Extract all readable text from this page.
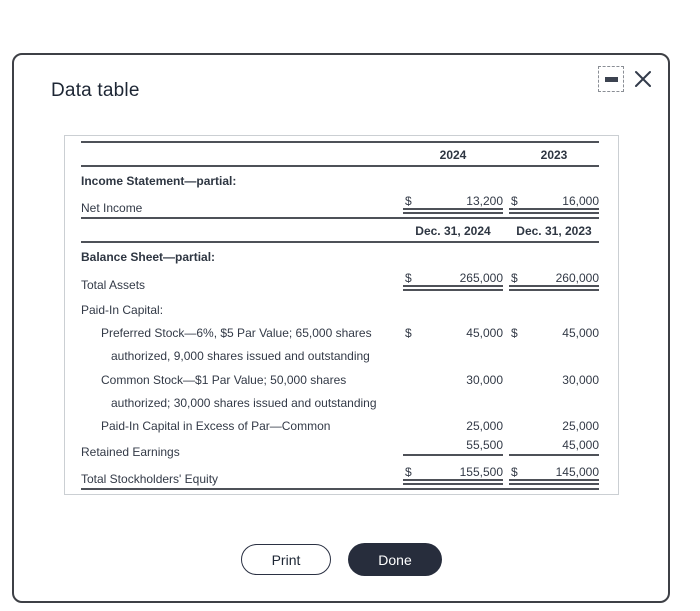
Data table
2024	2023
Income Statement—partial:
Net Income	$	13,200 $	16,000
Dec. 31, 2024	Dec. 31, 2023
Balance Sheet—partial:
Total Assets	$	265,000 $	260,000
Paid-In Capital:
Preferred Stock—6%, $5 Par Value; 65,000 shares	$	45,000 $	45,000
authorized, 9,000 shares issued and outstanding
Common Stock—$1 Par Value; 50,000 shares	30,000	30,000
authorized; 30,000 shares issued and outstanding
Paid-In Capital in Excess of Par—Common	25,000	25,000
Retained Earnings	55,500	45,000
Total Stockholders' Equity	$	155,500 $	145,000
Print	Done
